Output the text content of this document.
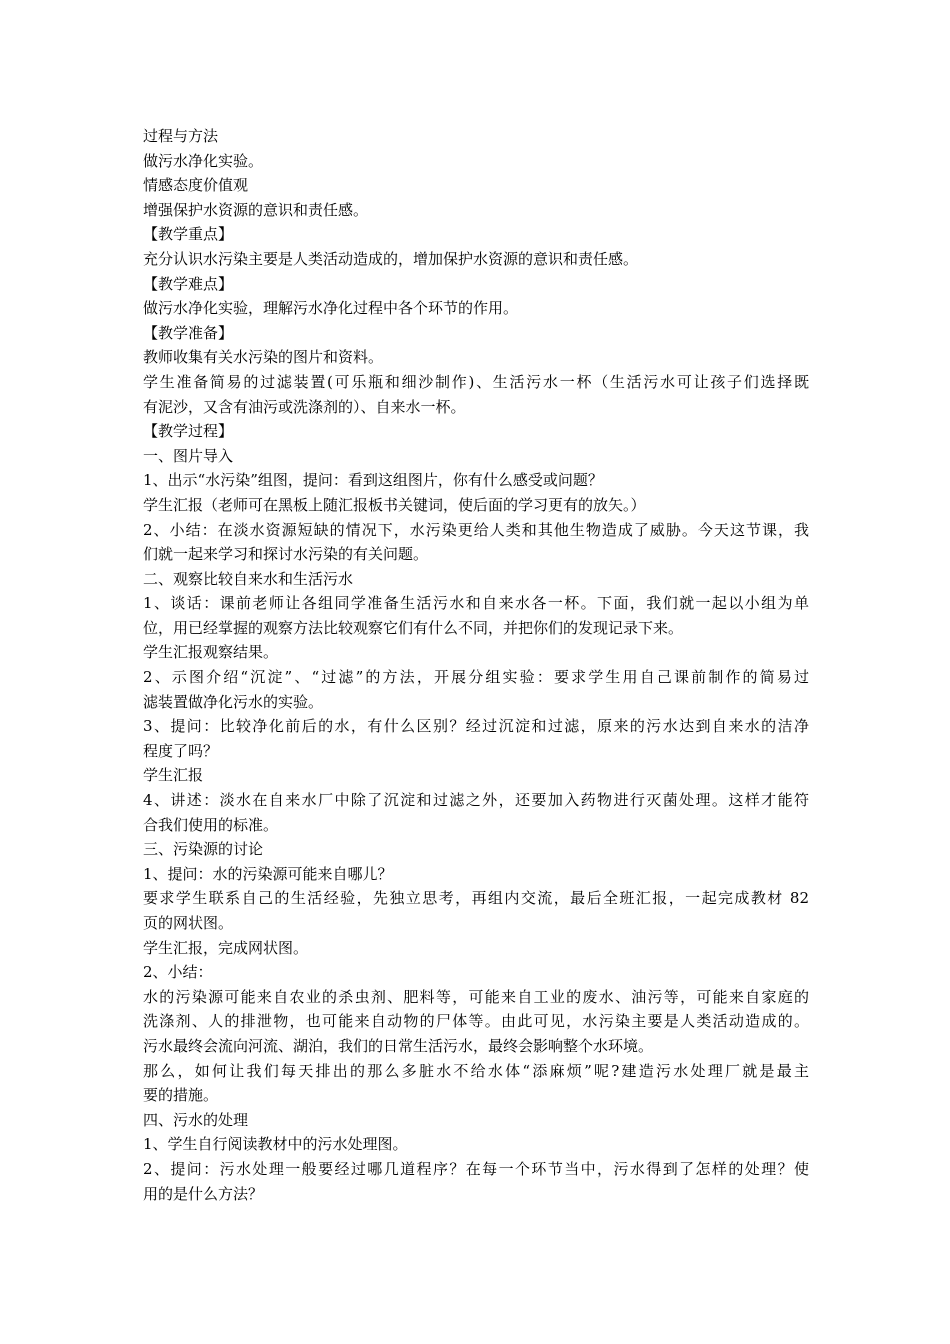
过程与方法
做污水净化实验。
情感态度价值观
增强保护水资源的意识和责任感。
【教学重点】
充分认识水污染主要是人类活动造成的，增加保护水资源的意识和责任感。
【教学难点】
做污水净化实验，理解污水净化过程中各个环节的作用。
【教学准备】
教师收集有关水污染的图片和资料。
学生准备简易的过滤装置(可乐瓶和细沙制作)、生活污水一杯（生活污水可让孩子们选择既
有泥沙，又含有油污或洗涤剂的）、自来水一杯。
【教学过程】
一、图片导入
1、出示“水污染”组图，提问：看到这组图片，你有什么感受或问题？
学生汇报（老师可在黑板上随汇报板书关键词，使后面的学习更有的放矢。）
2、小结：在淡水资源短缺的情况下，水污染更给人类和其他生物造成了威胁。今天这节课，我
们就一起来学习和探讨水污染的有关问题。
二、观察比较自来水和生活污水
1、谈话：课前老师让各组同学准备生活污水和自来水各一杯。下面，我们就一起以小组为单
位，用已经掌握的观察方法比较观察它们有什么不同，并把你们的发现记录下来。
学生汇报观察结果。
2、示图介绍“沉淀”、“过滤”的方法，开展分组实验：要求学生用自己课前制作的简易过
滤装置做净化污水的实验。
3、提问：比较净化前后的水，有什么区别？经过沉淀和过滤，原来的污水达到自来水的洁净
程度了吗？
学生汇报
4、讲述：淡水在自来水厂中除了沉淀和过滤之外，还要加入药物进行灭菌处理。这样才能符
合我们使用的标准。
三、污染源的讨论
1、提问：水的污染源可能来自哪儿？
要求学生联系自己的生活经验，先独立思考，再组内交流，最后全班汇报，一起完成教材 82
页的网状图。
学生汇报，完成网状图。
2、小结：
水的污染源可能来自农业的杀虫剂、肥料等，可能来自工业的废水、油污等，可能来自家庭的
洗涤剂、人的排泄物，也可能来自动物的尸体等。由此可见，水污染主要是人类活动造成的。
污水最终会流向河流、湖泊，我们的日常生活污水，最终会影响整个水环境。
那么，如何让我们每天排出的那么多脏水不给水体“添麻烦”呢?建造污水处理厂就是最主
要的措施。
四、污水的处理
1、学生自行阅读教材中的污水处理图。
2、提问：污水处理一般要经过哪几道程序？在每一个环节当中，污水得到了怎样的处理？使
用的是什么方法？
